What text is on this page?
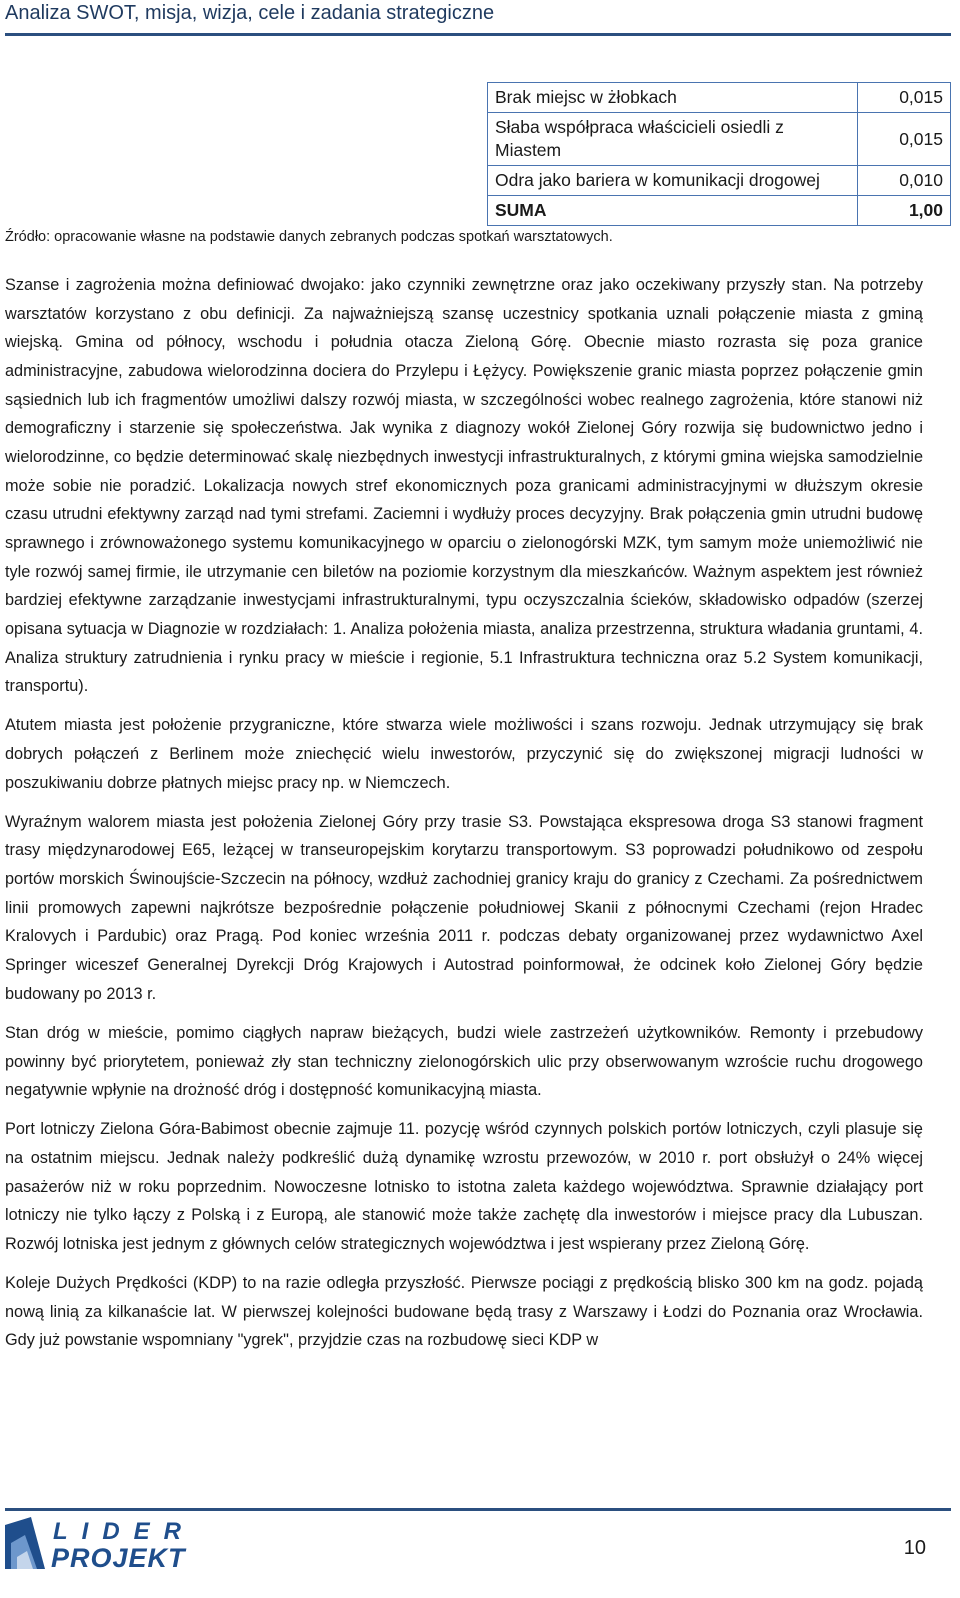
Analiza SWOT, misja, wizja, cele i zadania strategiczne
Brak miejsc w żłobkach	0,015
Słaba współpraca właścicieli osiedli z Miastem	0,015
Odra jako bariera w komunikacji drogowej	0,010
SUMA	1,00
Źródło: opracowanie własne na podstawie danych zebranych podczas spotkań warsztatowych.

Szanse i zagrożenia można definiować dwojako: jako czynniki zewnętrzne oraz jako oczekiwany przyszły stan. Na potrzeby warsztatów korzystano z obu definicji. Za najważniejszą szansę uczestnicy spotkania uznali połączenie miasta z gminą wiejską. Gmina od północy, wschodu i południa otacza Zieloną Górę. Obecnie miasto rozrasta się poza granice administracyjne, zabudowa wielorodzinna dociera do Przylepu i Łężycy. Powiększenie granic miasta poprzez połączenie gmin sąsiednich lub ich fragmentów umożliwi dalszy rozwój miasta, w szczególności wobec realnego zagrożenia, które stanowi niż demograficzny i starzenie się społeczeństwa. Jak wynika z diagnozy wokół Zielonej Góry rozwija się budownictwo jedno i wielorodzinne, co będzie determinować skalę niezbędnych inwestycji infrastrukturalnych, z którymi gmina wiejska samodzielnie może sobie nie poradzić. Lokalizacja nowych stref ekonomicznych poza granicami administracyjnymi w dłuższym okresie czasu utrudni efektywny zarząd nad tymi strefami. Zaciemni i wydłuży proces decyzyjny. Brak połączenia gmin utrudni budowę sprawnego i zrównoważonego systemu komunikacyjnego w oparciu o zielonogórski MZK, tym samym może uniemożliwić nie tyle rozwój samej firmie, ile utrzymanie cen biletów na poziomie korzystnym dla mieszkańców. Ważnym aspektem jest również bardziej efektywne zarządzanie inwestycjami infrastrukturalnymi, typu oczyszczalnia ścieków, składowisko odpadów (szerzej opisana sytuacja w Diagnozie w rozdziałach: 1. Analiza położenia miasta, analiza przestrzenna, struktura władania gruntami, 4. Analiza struktury zatrudnienia i rynku pracy w mieście i regionie, 5.1 Infrastruktura techniczna oraz 5.2 System komunikacji, transportu).

Atutem miasta jest położenie przygraniczne, które stwarza wiele możliwości i szans rozwoju. Jednak utrzymujący się brak dobrych połączeń z Berlinem może zniechęcić wielu inwestorów, przyczynić się do zwiększonej migracji ludności w poszukiwaniu dobrze płatnych miejsc pracy np. w Niemczech.

Wyraźnym walorem miasta jest położenia Zielonej Góry przy trasie S3. Powstająca ekspresowa droga S3 stanowi fragment trasy międzynarodowej E65, leżącej w transeuropejskim korytarzu transportowym. S3 poprowadzi południkowo od zespołu portów morskich Świnoujście-Szczecin na północy, wzdłuż zachodniej granicy kraju do granicy z Czechami. Za pośrednictwem linii promowych zapewni najkrótsze bezpośrednie połączenie południowej Skanii z północnymi Czechami (rejon Hradec Kralovych i Pardubic) oraz Pragą. Pod koniec września 2011 r. podczas debaty organizowanej przez wydawnictwo Axel Springer wiceszef Generalnej Dyrekcji Dróg Krajowych i Autostrad poinformował, że odcinek koło Zielonej Góry będzie budowany po 2013 r.

Stan dróg w mieście, pomimo ciągłych napraw bieżących, budzi wiele zastrzeżeń użytkowników. Remonty i przebudowy powinny być priorytetem, ponieważ zły stan techniczny zielonogórskich ulic przy obserwowanym wzroście ruchu drogowego negatywnie wpłynie na drożność dróg i dostępność komunikacyjną miasta.

Port lotniczy Zielona Góra-Babimost obecnie zajmuje 11. pozycję wśród czynnych polskich portów lotniczych, czyli plasuje się na ostatnim miejscu. Jednak należy podkreślić dużą dynamikę wzrostu przewozów, w 2010 r. port obsłużył o 24% więcej pasażerów niż w roku poprzednim. Nowoczesne lotnisko to istotna zaleta każdego województwa. Sprawnie działający port lotniczy nie tylko łączy z Polską i z Europą, ale stanowić może także zachętę dla inwestorów i miejsce pracy dla Lubuszan. Rozwój lotniska jest jednym z głównych celów strategicznych województwa i jest wspierany przez Zieloną Górę.

Koleje Dużych Prędkości (KDP) to na razie odległa przyszłość. Pierwsze pociągi z prędkością blisko 300 km na godz. pojadą nową linią za kilkanaście lat. W pierwszej kolejności budowane będą trasy z Warszawy i Łodzi do Poznania oraz Wrocławia. Gdy już powstanie wspomniany "ygrek", przyjdzie czas na rozbudowę sieci KDP w

LIDER
PROJEKT	10
